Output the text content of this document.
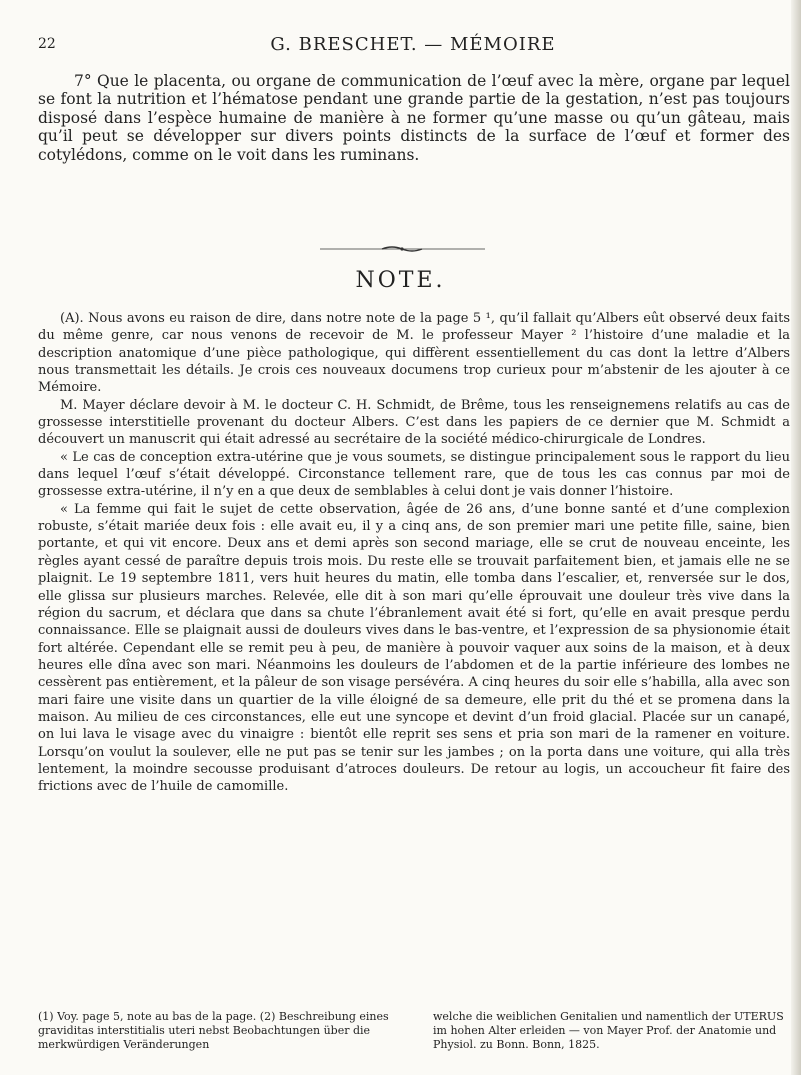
22	G. BRESCHET. — MÉMOIRE

7° Que le placenta, ou organe de communication de l’œuf avec la mère, organe par lequel se font la nutrition et l’hématose pendant une grande partie de la gestation, n’est pas toujours disposé dans l’espèce humaine de manière à ne former qu’une masse ou qu’un gâteau, mais qu’il peut se développer sur divers points distincts de la surface de l’œuf et former des cotylédons, comme on le voit dans les ruminans.

NOTE.

(A). Nous avons eu raison de dire, dans notre note de la page 5 ¹, qu’il fallait qu’Albers eût observé deux faits du même genre, car nous venons de recevoir de M. le professeur Mayer ² l’histoire d’une maladie et la description anatomique d’une pièce pathologique, qui diffèrent essentiellement du cas dont la lettre d’Albers nous transmettait les détails. Je crois ces nouveaux documens trop curieux pour m’abstenir de les ajouter à ce Mémoire.

M. Mayer déclare devoir à M. le docteur C. H. Schmidt, de Brême, tous les renseignemens relatifs au cas de grossesse interstitielle provenant du docteur Albers. C’est dans les papiers de ce dernier que M. Schmidt a découvert un manuscrit qui était adressé au secrétaire de la société médico-chirurgicale de Londres.

« Le cas de conception extra-utérine que je vous soumets, se distingue principalement sous le rapport du lieu dans lequel l’œuf s’était développé. Circonstance tellement rare, que de tous les cas connus par moi de grossesse extra-utérine, il n’y en a que deux de semblables à celui dont je vais donner l’histoire.

« La femme qui fait le sujet de cette observation, âgée de 26 ans, d’une bonne santé et d’une complexion robuste, s’était mariée deux fois : elle avait eu, il y a cinq ans, de son premier mari une petite fille, saine, bien portante, et qui vit encore. Deux ans et demi après son second mariage, elle se crut de nouveau enceinte, les règles ayant cessé de paraître depuis trois mois. Du reste elle se trouvait parfaitement bien, et jamais elle ne se plaignit. Le 19 septembre 1811, vers huit heures du matin, elle tomba dans l’escalier, et, renversée sur le dos, elle glissa sur plusieurs marches. Relevée, elle dit à son mari qu’elle éprouvait une douleur très vive dans la région du sacrum, et déclara que dans sa chute l’ébranlement avait été si fort, qu’elle en avait presque perdu connaissance. Elle se plaignait aussi de douleurs vives dans le bas-ventre, et l’expression de sa physionomie était fort altérée. Cependant elle se remit peu à peu, de manière à pouvoir vaquer aux soins de la maison, et à deux heures elle dîna avec son mari. Néanmoins les douleurs de l’abdomen et de la partie inférieure des lombes ne cessèrent pas entièrement, et la pâleur de son visage persévéra. A cinq heures du soir elle s’habilla, alla avec son mari faire une visite dans un quartier de la ville éloigné de sa demeure, elle prit du thé et se promena dans la maison. Au milieu de ces circonstances, elle eut une syncope et devint d’un froid glacial. Placée sur un canapé, on lui lava le visage avec du vinaigre : bientôt elle reprit ses sens et pria son mari de la ramener en voiture. Lorsqu’on voulut la soulever, elle ne put pas se tenir sur les jambes ; on la porta dans une voiture, qui alla très lentement, la moindre secousse produisant d’atroces douleurs. De retour au logis, un accoucheur fit faire des frictions avec de l’huile de camomille.

(1) Voy. page 5, note au bas de la page. (2) Beschreibung eines graviditas interstitialis uteri nebst Beobachtungen über die merkwürdigen Veränderungen
welche die weiblichen Genitalien und namentlich der UTERUS im hohen Alter erleiden — von Mayer Prof. der Anatomie und Physiol. zu Bonn. Bonn, 1825.
